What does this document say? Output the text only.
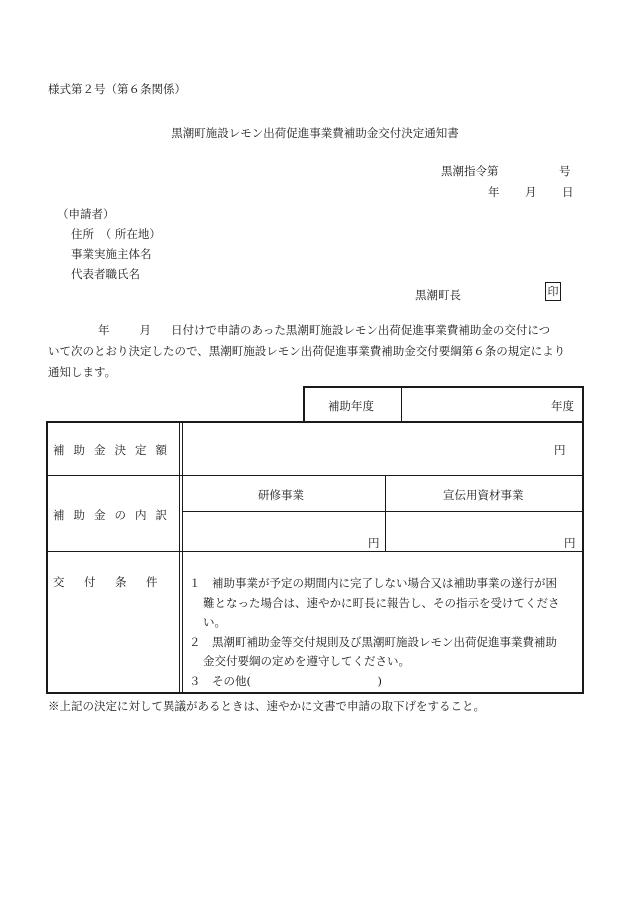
様式第２号（第６条関係）
黒潮町施設レモン出荷促進事業費補助金交付決定通知書
黒潮指令第	号
年 月 日
（申請者）
住所　（ 所在地）
事業実施主体名
代表者職氏名
黒潮町長	印
年	月 日付けで申請のあった黒潮町施設レモン出荷促進事業費補助金の交付につ
いて次のとおり決定したので、黒潮町施設レモン出荷促進事業費補助金交付要綱第６条の規定により
通知します。
補助年度	年度
補助金決定額	円
補助金の内訳
研修事業	宣伝用資材事業
円	円
交　付　条　件 １　補助事業が予定の期間内に完了しない場合又は補助事業の遂行が困
難となった場合は、速やかに町長に報告し、その指示を受けてください。
２　黒潮町補助金等交付規則及び黒潮町施設レモン出荷促進事業費補助
金交付要綱の定めを遵守してください。
３　その他(　　　　　　　　　　　)
※上記の決定に対して異議があるときは、速やかに文書で申請の取下げをすること。
